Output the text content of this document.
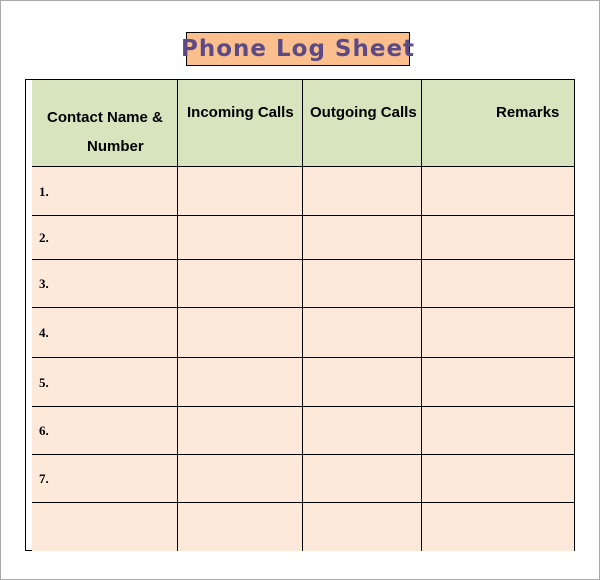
Phone Log Sheet
Contact Name &
Number
Incoming Calls Outgoing Calls	Remarks
1.
2.
3.
4.
5.
6.
7.
